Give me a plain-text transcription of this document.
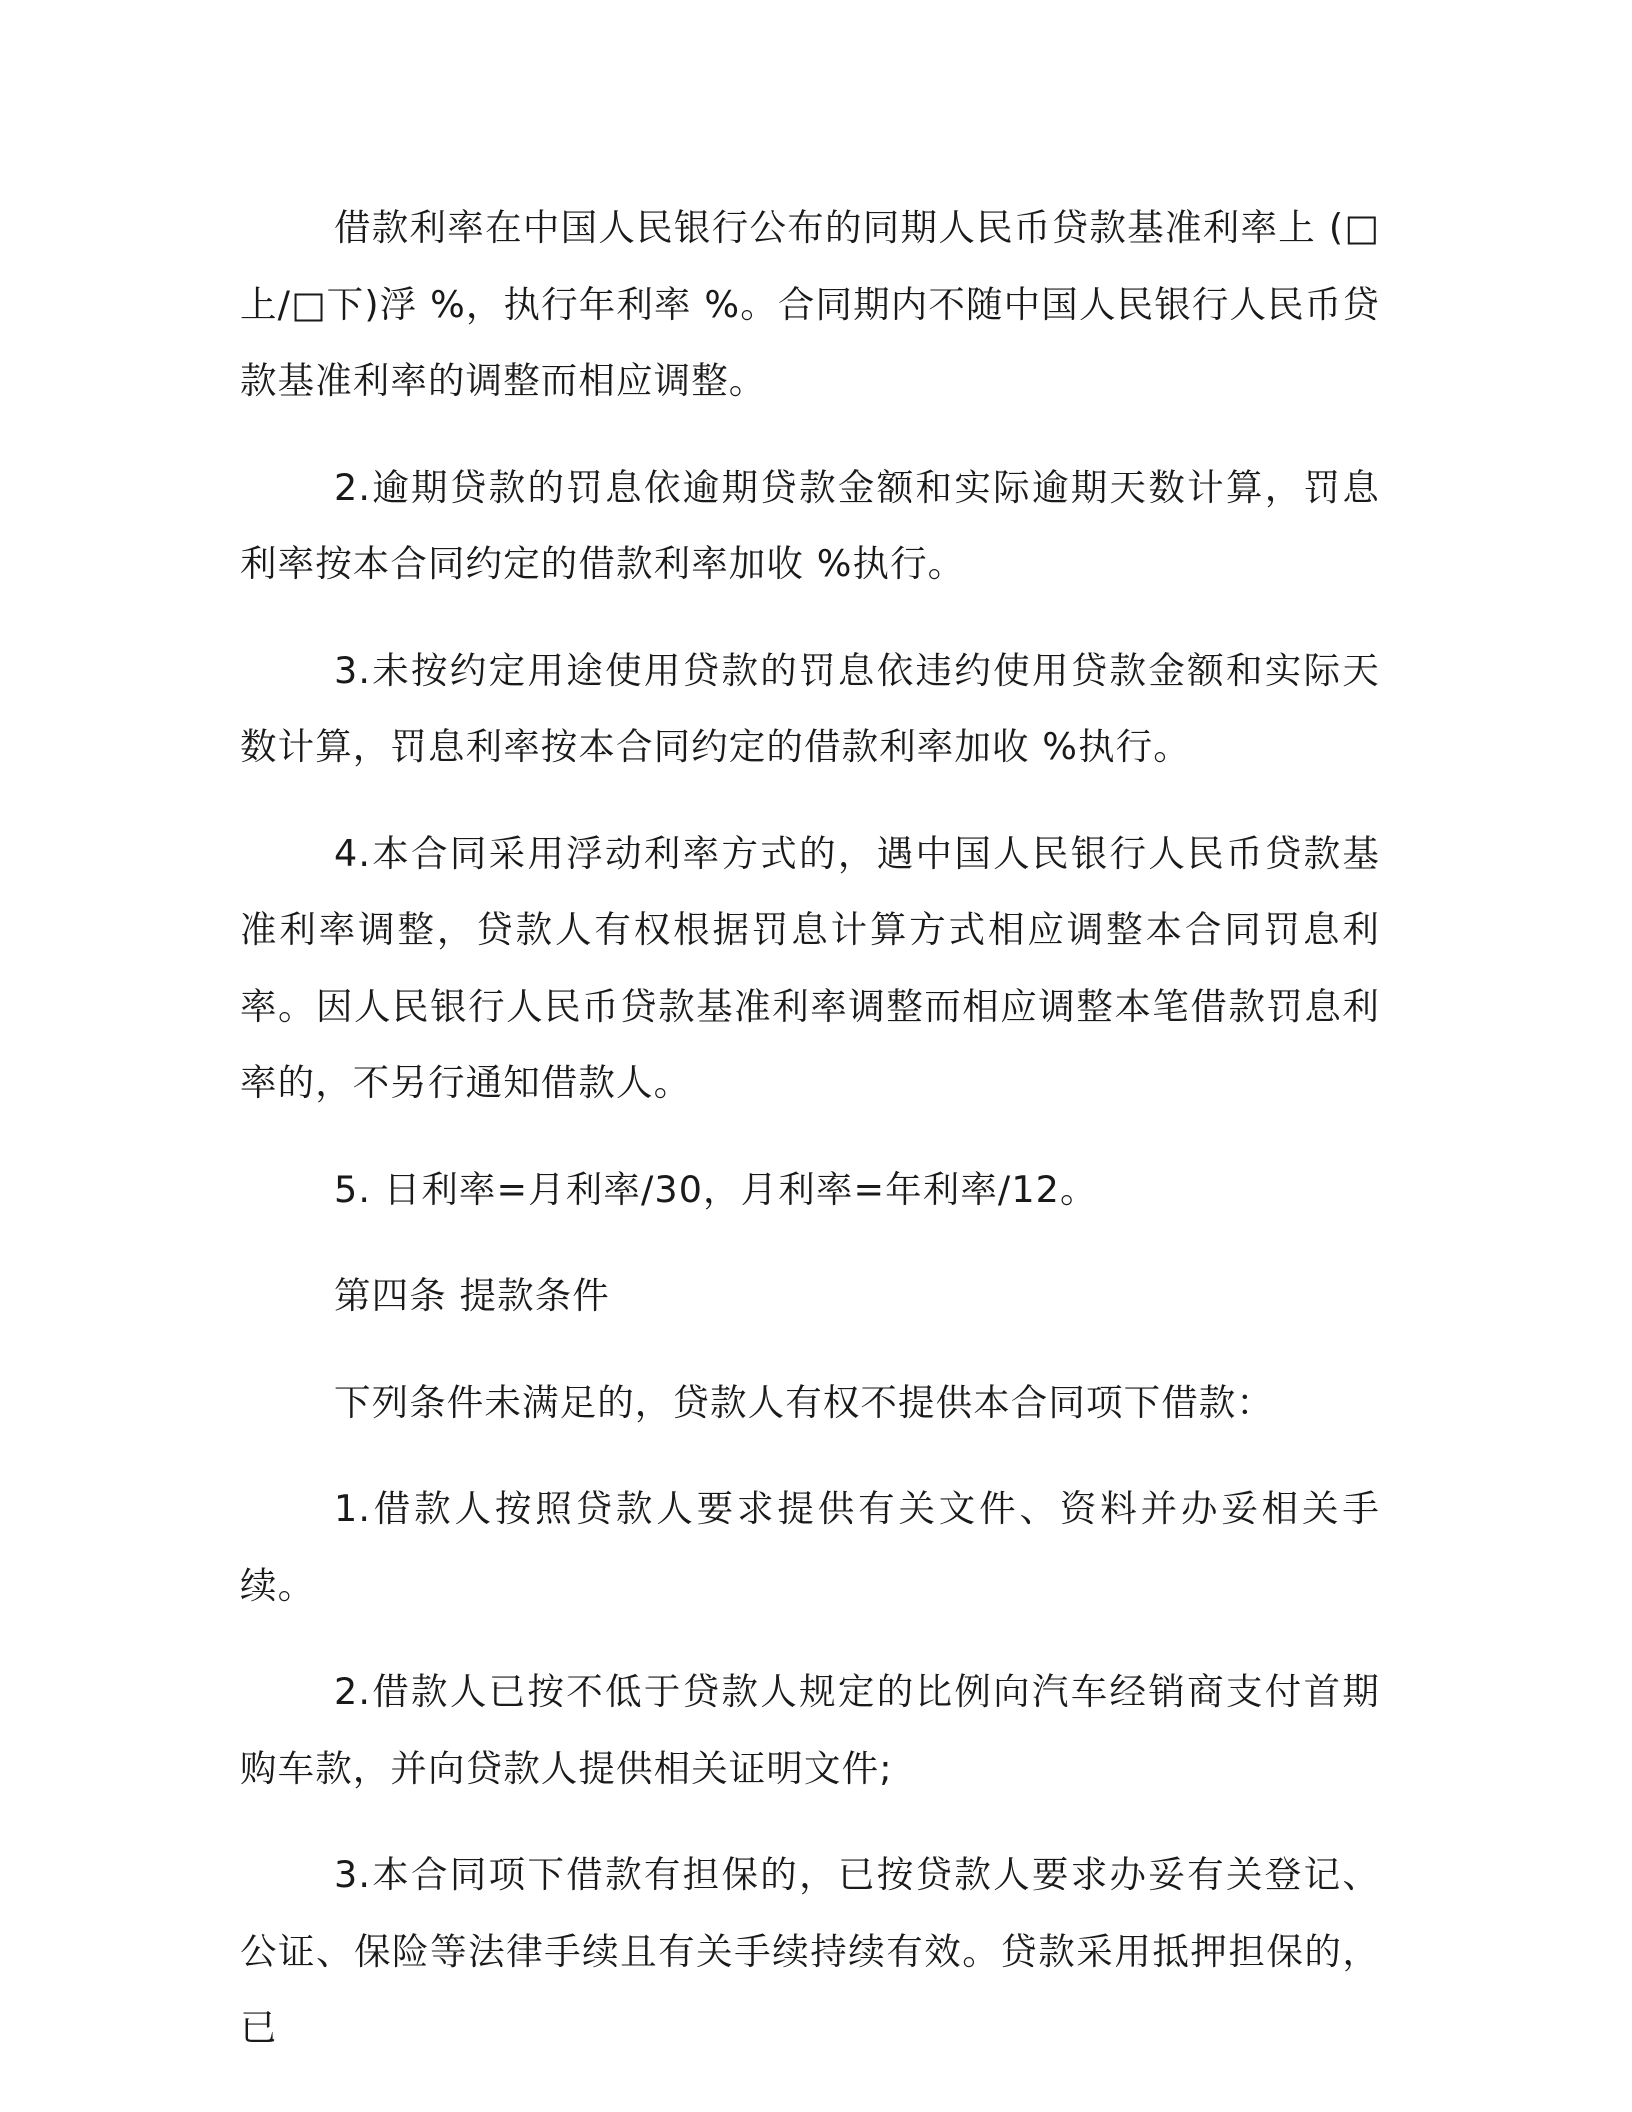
借款利率在中国人民银行公布的同期人民币贷款基准利率上 (□上/□下)浮 %，执行年利率 %。合同期内不随中国人民银行人民币贷款基准利率的调整而相应调整。

2.逾期贷款的罚息依逾期贷款金额和实际逾期天数计算，罚息利率按本合同约定的借款利率加收 %执行。

3.未按约定用途使用贷款的罚息依违约使用贷款金额和实际天数计算，罚息利率按本合同约定的借款利率加收 %执行。

4.本合同采用浮动利率方式的，遇中国人民银行人民币贷款基准利率调整，贷款人有权根据罚息计算方式相应调整本合同罚息利率。因人民银行人民币贷款基准利率调整而相应调整本笔借款罚息利率的，不另行通知借款人。

5. 日利率=月利率/30，月利率=年利率/12。

第四条 提款条件

下列条件未满足的，贷款人有权不提供本合同项下借款：

1.借款人按照贷款人要求提供有关文件、资料并办妥相关手续。

2.借款人已按不低于贷款人规定的比例向汽车经销商支付首期购车款，并向贷款人提供相关证明文件;

3.本合同项下借款有担保的，已按贷款人要求办妥有关登记、公证、保险等法律手续且有关手续持续有效。贷款采用抵押担保的，已
